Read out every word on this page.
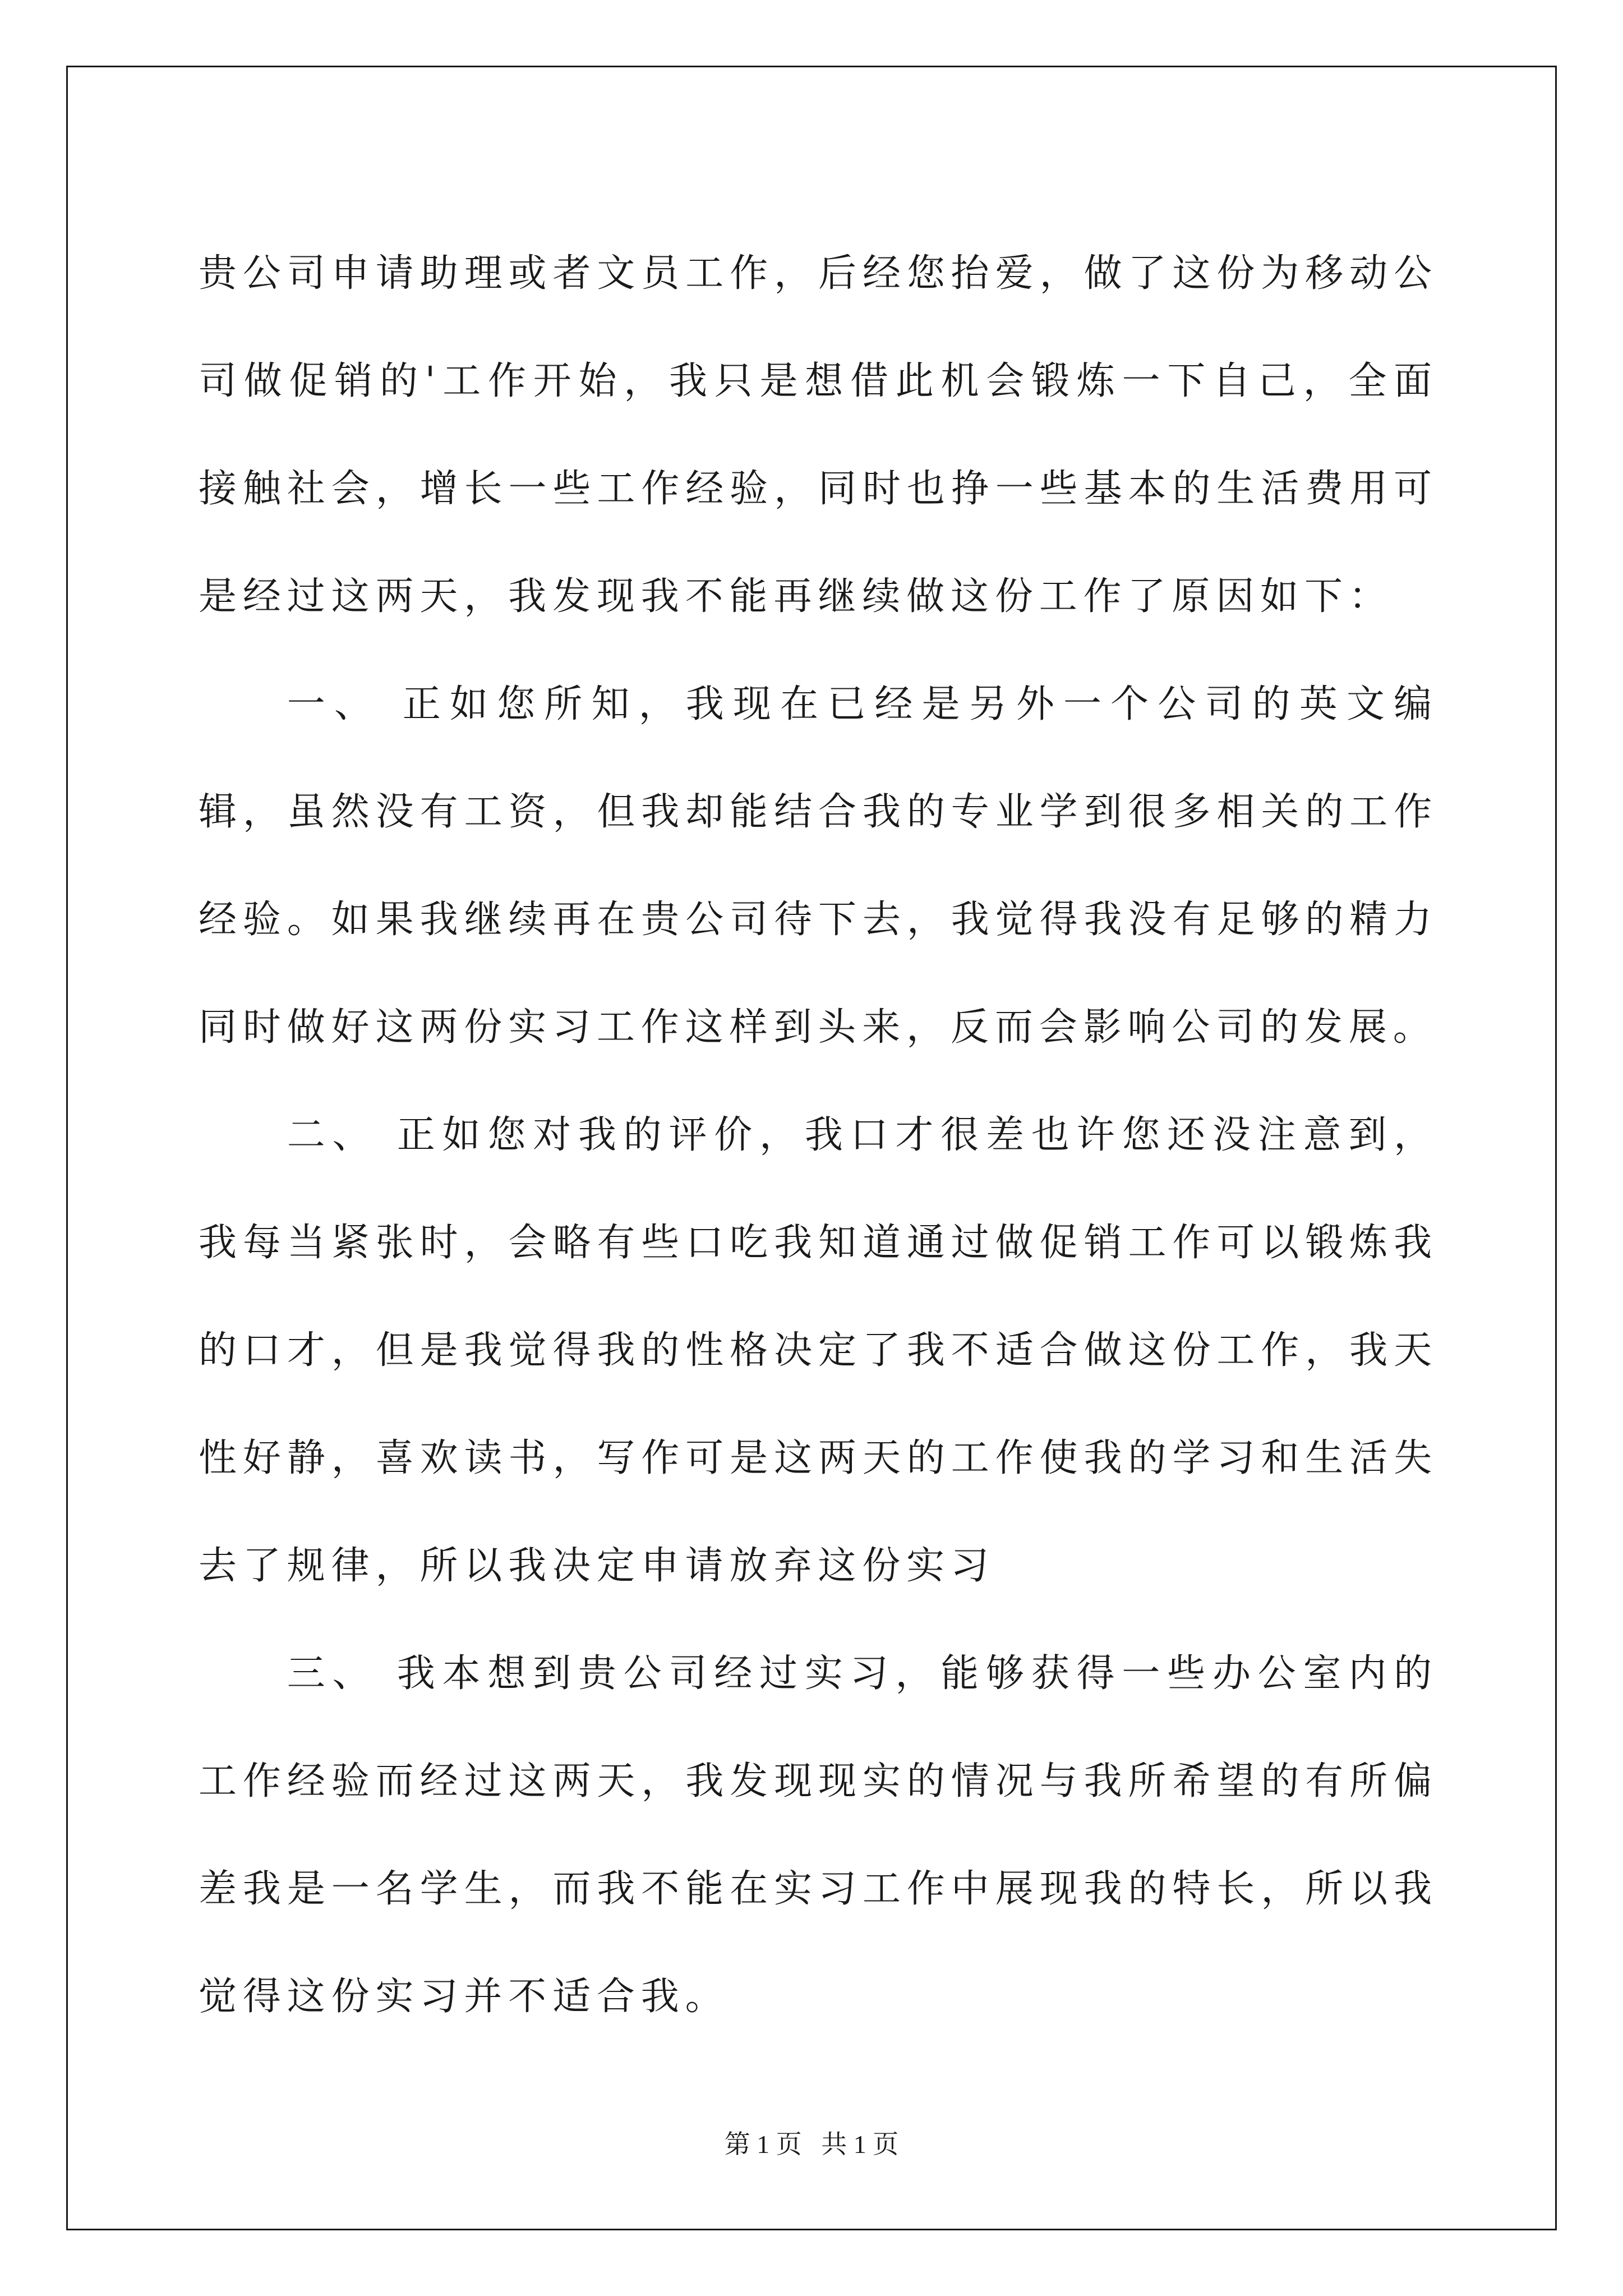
贵公司申请助理或者文员工作，后经您抬爱，做了这份为移动公司做促销的'工作开始，我只是想借此机会锻炼一下自己，全面接触社会，增长一些工作经验，同时也挣一些基本的生活费用可是经过这两天，我发现我不能再继续做这份工作了原因如下：

一、 正如您所知，我现在已经是另外一个公司的英文编辑，虽然没有工资，但我却能结合我的专业学到很多相关的工作经验。如果我继续再在贵公司待下去，我觉得我没有足够的精力同时做好这两份实习工作这样到头来，反而会影响公司的发展。

二、 正如您对我的评价，我口才很差也许您还没注意到，我每当紧张时，会略有些口吃我知道通过做促销工作可以锻炼我的口才，但是我觉得我的性格决定了我不适合做这份工作，我天性好静，喜欢读书，写作可是这两天的工作使我的学习和生活失去了规律，所以我决定申请放弃这份实习

三、 我本想到贵公司经过实习，能够获得一些办公室内的工作经验而经过这两天，我发现现实的情况与我所希望的有所偏差我是一名学生，而我不能在实习工作中展现我的特长，所以我觉得这份实习并不适合我。

第 1 页   共 1 页
